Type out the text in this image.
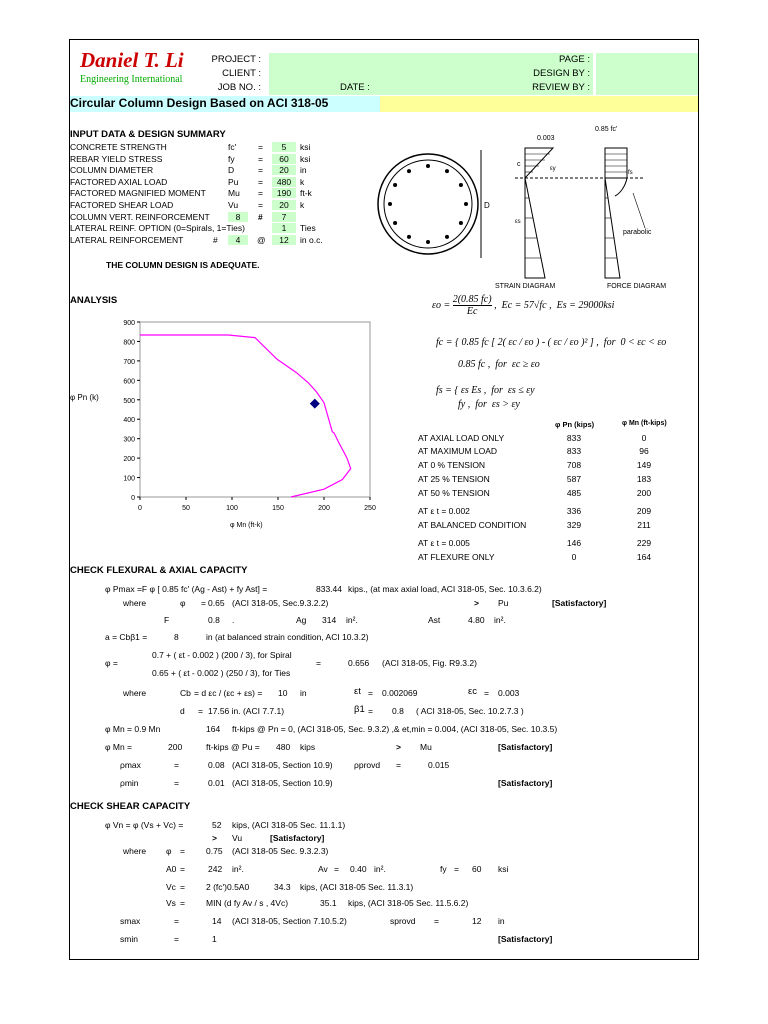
Daniel T. Li
Engineering International
PROJECT :
CLIENT :
JOB NO. :	DATE :
PAGE :
DESIGN BY :
REVIEW BY :
Circular Column Design Based on ACI 318-05
INPUT DATA & DESIGN SUMMARY
CONCRETE STRENGTH	fc'	=	5	ksi
REBAR YIELD STRESS	fy	=	60	ksi
COLUMN DIAMETER	D	=	20	in
FACTORED AXIAL LOAD	Pu =	480	k
FACTORED MAGNIFIED MOMENT	Mu =	190	ft-k
FACTORED SHEAR LOAD	Vu =	20	k
COLUMN VERT. REINFORCEMENT	8	#	7
LATERAL REINF. OPTION (0=Spirals, 1=Ties)	1	Ties
LATERAL REINFORCEMENT	#	4	@	12	in o.c.
THE COLUMN DESIGN IS ADEQUATE.
D
0.003
0.85 fc'
c
εy
εs
fs
parabolic
STRAIN DIAGRAM	FORCE DIAGRAM
ANALYSIS
0
100
200
300
400
500
600
700
800
900
0	50	100	150	200	250
φ Pn (k)
φ Mn (ft-k)
$\varepsilon o = \frac{2(0.85 fc)}{Ec}$ ,  Ec = 57√fc ,  Es = 29000ksi
fc = { 0.85 fc [ 2( εc / εo ) - ( εc / εo )² ] ,  for  0 < εc < εo
0.85 fc ,  for  εc ≥ εo
fs = { εs Es ,  for  εs ≤ εy
fy ,  for  εs > εy
φ Pn (kips)	φ Mn (ft-kips)
AT AXIAL LOAD ONLY	833	0
AT MAXIMUM LOAD	833	96
AT 0 % TENSION	708	149
AT 25 % TENSION	587	183
AT 50 % TENSION	485	200
AT ε t = 0.002	336	209
AT BALANCED CONDITION	329	211
AT ε t = 0.005	146	229
AT FLEXURE ONLY	0	164
CHECK FLEXURAL & AXIAL CAPACITY
φ Pmax =F φ [ 0.85 fc' (Ag - Ast) + fy Ast] =	833.44 kips., (at max axial load, ACI 318-05, Sec. 10.3.6.2)
where	φ = 0.65 (ACI 318-05, Sec.9.3.2.2)	> Pu	[Satisfactory]
F	0.8 .	Ag 314 in².	Ast	4.80 in².
a = Cbβ1 =	8	in (at balanced strain condition, ACI 10.3.2)
0.7 + ( εt - 0.002 ) (200 / 3), for Spiral
φ =	=	0.656 (ACI 318-05, Fig. R9.3.2)
0.65 + ( εt - 0.002 ) (250 / 3), for Ties
where	Cb = d εc / (εc + εs) = 10 in	εt = 0.002069	εc = 0.003
d = 17.56 in. (ACI 7.7.1)	β1 = 0.8 ( ACI 318-05, Sec. 10.2.7.3 )
φ Mn = 0.9 Mn	164 ft-kips @ Pn = 0, (ACI 318-05, Sec. 9.3.2) ,& et,min = 0.004, (ACI 318-05, Sec. 10.3.5)
φ Mn =	200	ft-kips @ Pu = 480 kips	> Mu	[Satisfactory]
ρmax	=	0.08 (ACI 318-05, Section 10.9)	ρprovd =	0.015
ρmin	=	0.01 (ACI 318-05, Section 10.9)	[Satisfactory]
CHECK SHEAR CAPACITY
φ Vn = φ (Vs + Vc) =	52 kips, (ACI 318-05 Sec. 11.1.1)
> Vu	[Satisfactory]
where φ = 0.75 (ACI 318-05 Sec. 9.3.2.3)
A0 =	242 in².	Av = 0.40 in².	fy = 60 ksi
Vc = 2 (fc')0.5A0	34.3 kips, (ACI 318-05 Sec. 11.3.1)
Vs = MIN (d fy Av / s , 4Vc)	35.1 kips, (ACI 318-05 Sec. 11.5.6.2)
smax	=	14 (ACI 318-05, Section 7.10.5.2)	sprovd =	12 in
smin	=	1	[Satisfactory]
